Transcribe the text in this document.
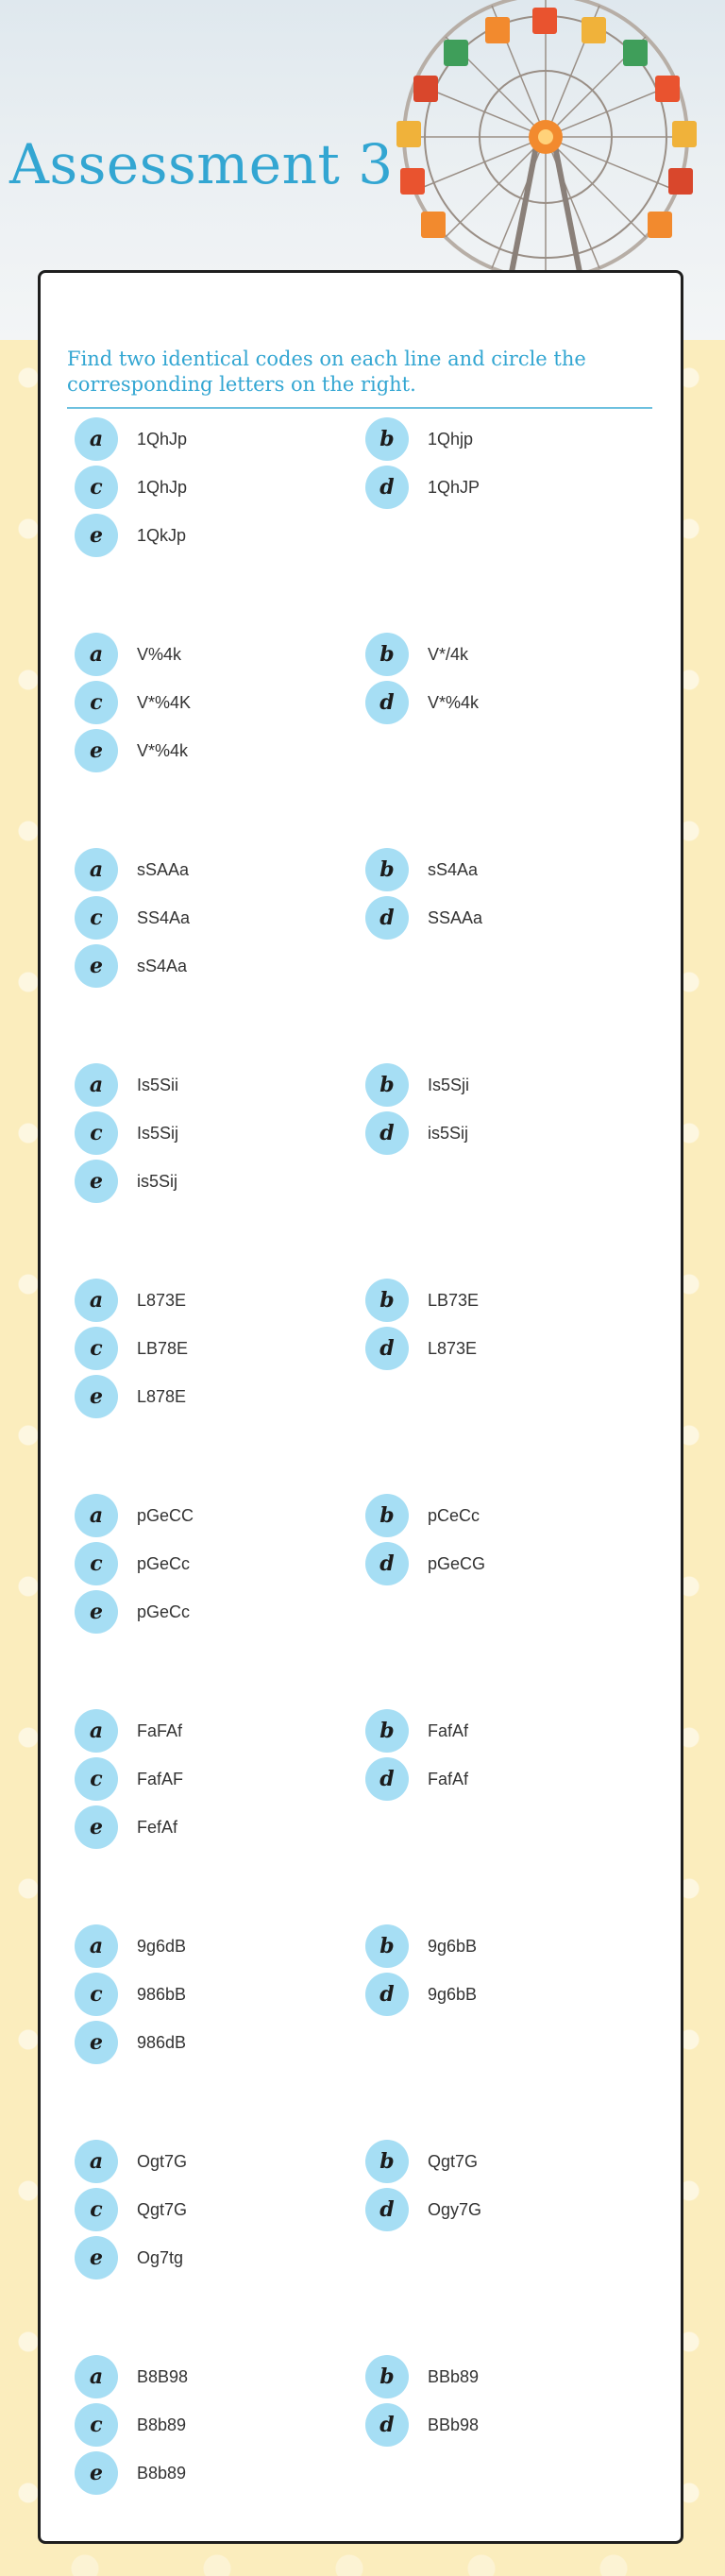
Assessment 3

Find two identical codes on each line and circle the corresponding letters on the right.

a	1QhJp	b	1Qhjp
c	1QhJp	d	1QhJP
e	1QkJp
a	V%4k	b	V*/4k
c	V*%4K	d	V*%4k
e	V*%4k
a	sSAAa	b	sS4Aa
c	SS4Aa	d	SSAAa
e	sS4Aa
a	Is5Sii	b	Is5Sji
c	Is5Sij	d	is5Sij
e	is5Sij
a	L873E	b	LB73E
c	LB78E	d	L873E
e	L878E
a	pGeCC	b	pCeCc
c	pGeCc	d	pGeCG
e	pGeCc
a	FaFAf	b	FafAf
c	FafAF	d	FafAf
e	FefAf
a	9g6dB	b	9g6bB
c	986bB	d	9g6bB
e	986dB
a	Ogt7G	b	Qgt7G
c	Qgt7G	d	Ogy7G
e	Og7tg
a	B8B98	b	BBb89
c	B8b89	d	BBb98
e	B8b89
